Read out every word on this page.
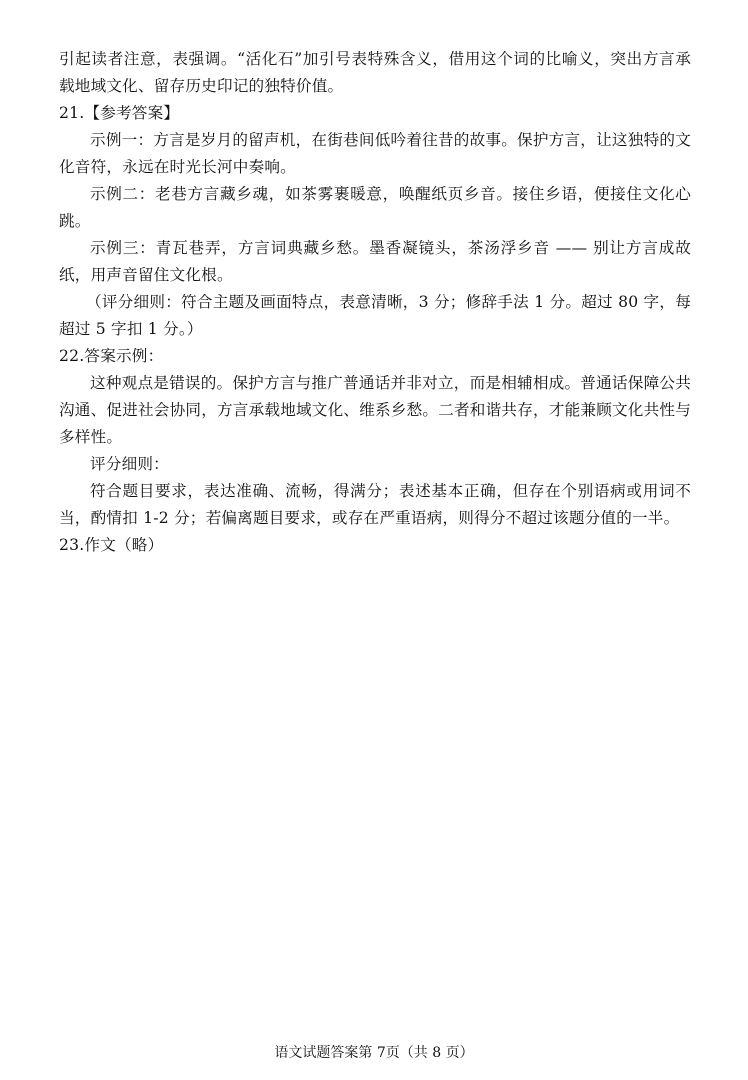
引起读者注意，表强调。“活化石”加引号表特殊含义，借用这个词的比喻义，突出方言承载地域文化、留存历史印记的独特价值。

21.【参考答案】

示例一：方言是岁月的留声机，在街巷间低吟着往昔的故事。保护方言，让这独特的文化音符，永远在时光长河中奏响。

示例二：老巷方言藏乡魂，如茶雾裹暖意，唤醒纸页乡音。接住乡语，便接住文化心跳。

示例三：青瓦巷弄，方言词典藏乡愁。墨香凝镜头，茶汤浮乡音 —— 别让方言成故纸，用声音留住文化根。

（评分细则：符合主题及画面特点，表意清晰，3 分；修辞手法 1 分。超过 80 字，每超过 5 字扣 1 分。）

22.答案示例：

这种观点是错误的。保护方言与推广普通话并非对立，而是相辅相成。普通话保障公共沟通、促进社会协同，方言承载地域文化、维系乡愁。二者和谐共存，才能兼顾文化共性与多样性。

评分细则：

符合题目要求，表达准确、流畅，得满分；表述基本正确，但存在个别语病或用词不当，酌情扣 1-2 分；若偏离题目要求，或存在严重语病，则得分不超过该题分值的一半。

23.作文（略）

语文试题答案第 7页（共 8 页）
